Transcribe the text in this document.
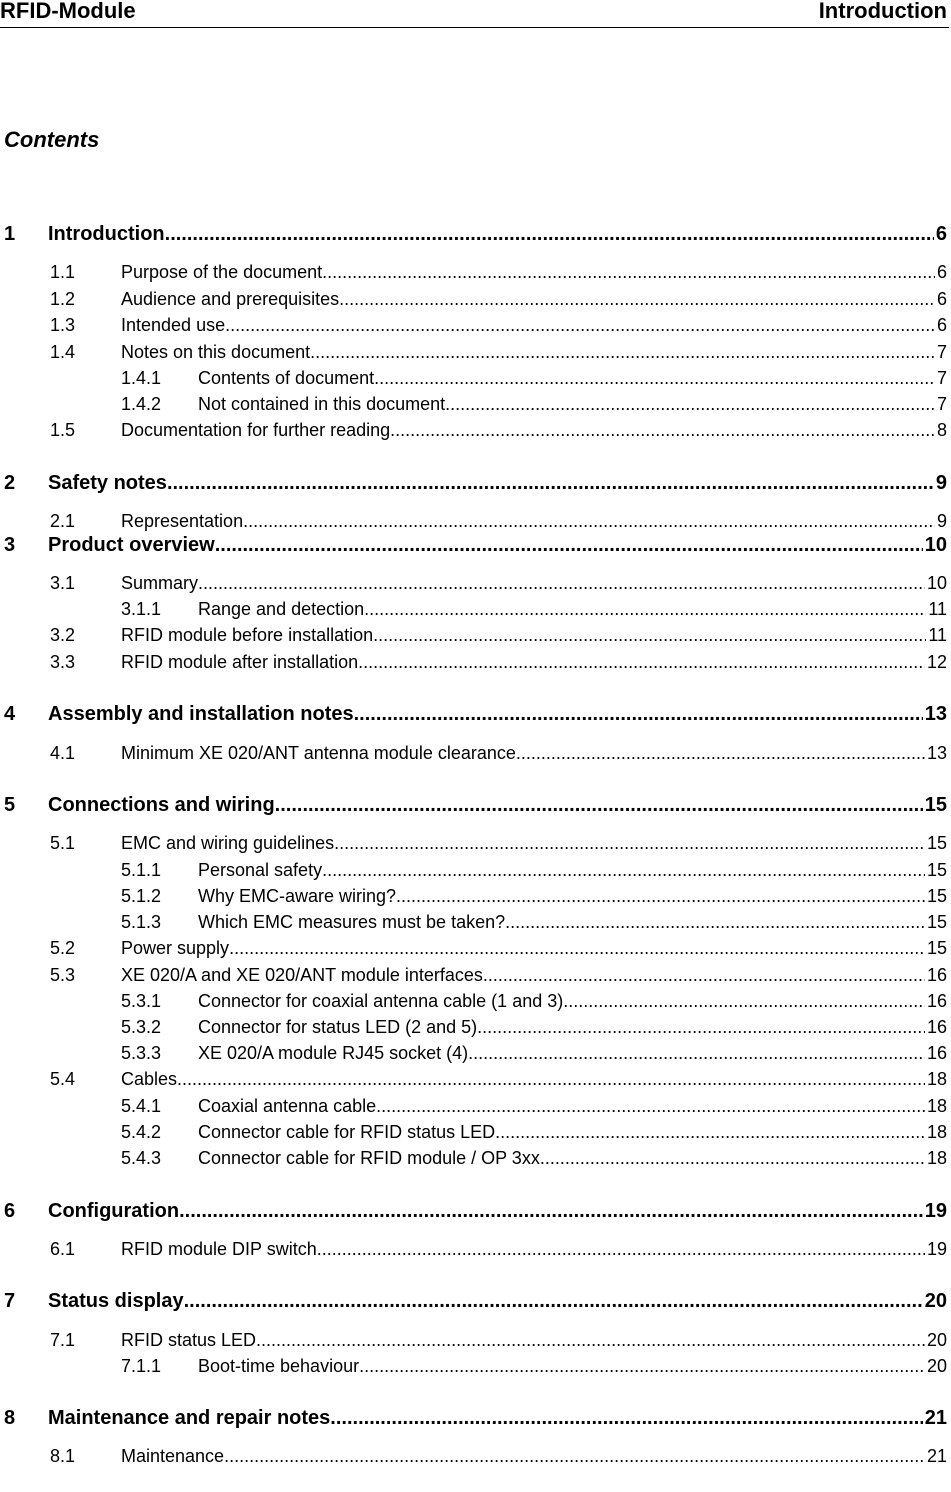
RFID-Module	Introduction
Contents
1	Introduction .....	6
1.1	Purpose of the document .....	6
1.2	Audience and prerequisites .....	6
1.3	Intended use .....	6
1.4	Notes on this document .....	7
1.4.1	Contents of document .....	7
1.4.2	Not contained in this document .....	7
1.5	Documentation for further reading .....	8
2	Safety notes .....	9
2.1	Representation .....	9
3	Product overview .....	10
3.1	Summary .....	10
3.1.1	Range and detection .....	11
3.2	RFID module before installation .....	11
3.3	RFID module after installation .....	12
4	Assembly and installation notes .....	13
4.1	Minimum XE 020/ANT antenna module clearance .....	13
5	Connections and wiring .....	15
5.1	EMC and wiring guidelines .....	15
5.1.1	Personal safety .....	15
5.1.2	Why EMC-aware wiring? .....	15
5.1.3	Which EMC measures must be taken? .....	15
5.2	Power supply .....	15
5.3	XE 020/A and XE 020/ANT module interfaces .....	16
5.3.1	Connector for coaxial antenna cable (1 and 3) .....	16
5.3.2	Connector for status LED (2 and 5) .....	16
5.3.3	XE 020/A module RJ45 socket (4) .....	16
5.4	Cables .....	18
5.4.1	Coaxial antenna cable .....	18
5.4.2	Connector cable for RFID status LED .....	18
5.4.3	Connector cable for RFID module / OP 3xx .....	18
6	Configuration .....	19
6.1	RFID module DIP switch .....	19
7	Status display .....	20
7.1	RFID status LED .....	20
7.1.1	Boot-time behaviour .....	20
8	Maintenance and repair notes .....	21
8.1	Maintenance .....	21
